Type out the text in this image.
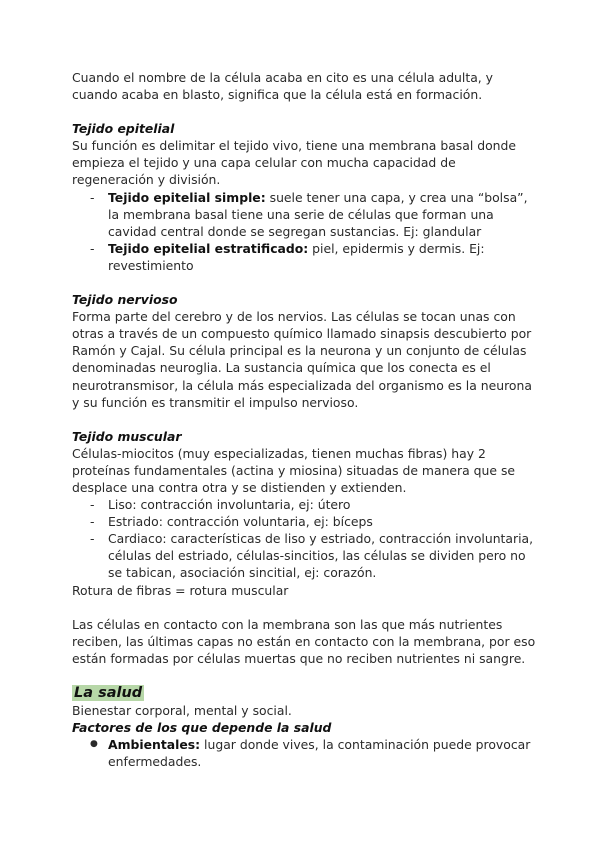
Cuando el nombre de la célula acaba en cito es una célula adulta, y cuando acaba en blasto, significa que la célula está en formación.

Tejido epitelial

Su función es delimitar el tejido vivo, tiene una membrana basal donde empieza el tejido y una capa celular con mucha capacidad de regeneración y división.

- Tejido epitelial simple: suele tener una capa, y crea una “bolsa”, la membrana basal tiene una serie de células que forman una cavidad central donde se segregan sustancias. Ej: glandular
- Tejido epitelial estratificado: piel, epidermis y dermis. Ej: revestimiento

Tejido nervioso

Forma parte del cerebro y de los nervios. Las células se tocan unas con otras a través de un compuesto químico llamado sinapsis descubierto por Ramón y Cajal. Su célula principal es la neurona y un conjunto de células denominadas neuroglia. La sustancia química que los conecta es el neurotransmisor, la célula más especializada del organismo es la neurona y su función es transmitir el impulso nervioso.

Tejido muscular

Células-miocitos (muy especializadas, tienen muchas fibras) hay 2 proteínas fundamentales (actina y miosina) situadas de manera que se desplace una contra otra y se distienden y extienden.

- Liso: contracción involuntaria, ej: útero
- Estriado: contracción voluntaria, ej: bíceps
- Cardiaco: características de liso y estriado, contracción involuntaria, células del estriado, células-sincitios, las células se dividen pero no se tabican, asociación sincitial, ej: corazón.

Rotura de fibras = rotura muscular

Las células en contacto con la membrana son las que más nutrientes reciben, las últimas capas no están en contacto con la membrana, por eso están formadas por células muertas que no reciben nutrientes ni sangre.

La salud

Bienestar corporal, mental y social.

Factores de los que depende la salud

● Ambientales: lugar donde vives, la contaminación puede provocar enfermedades.
